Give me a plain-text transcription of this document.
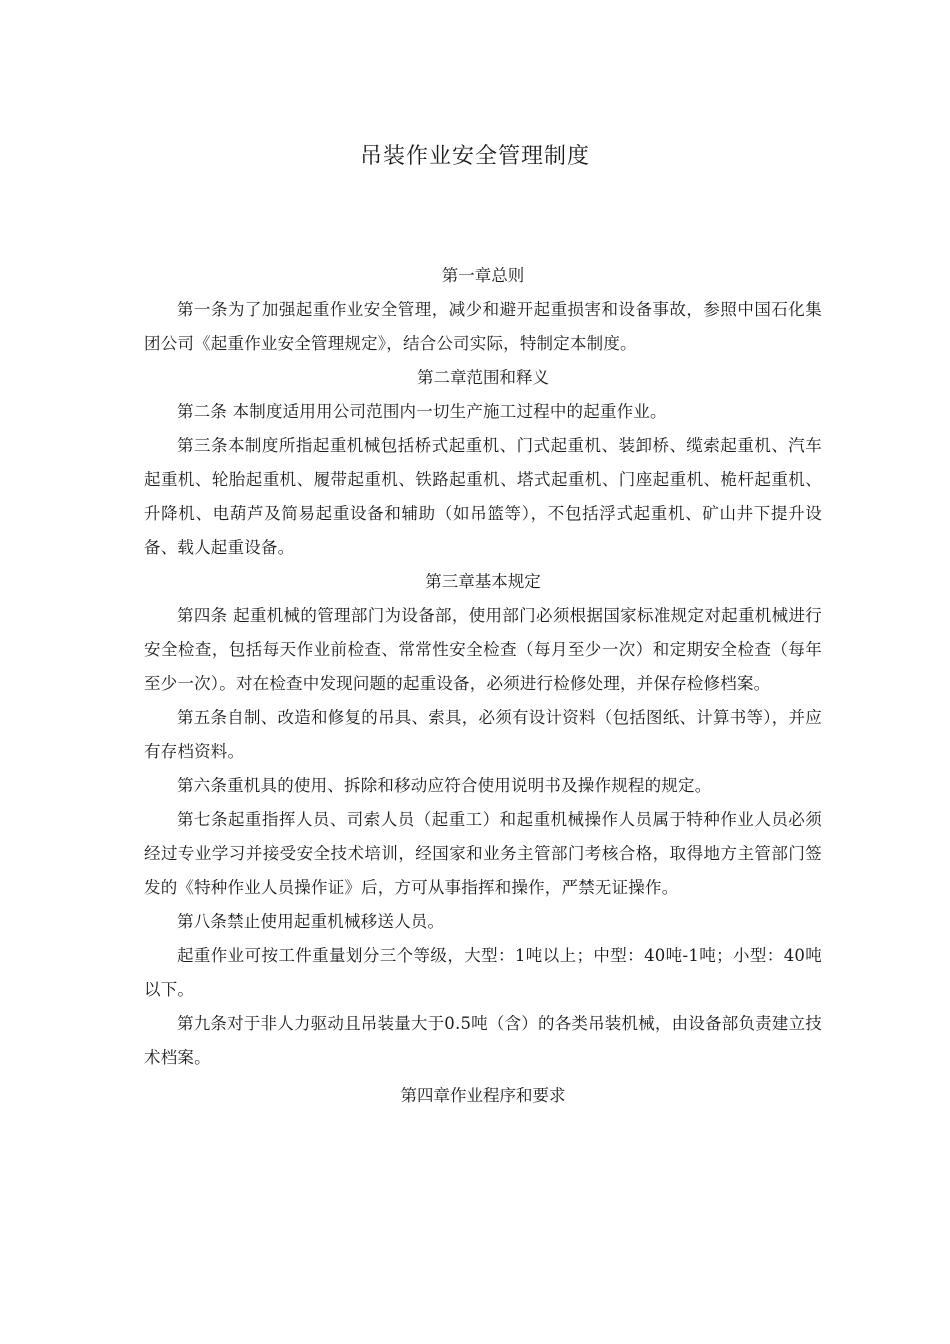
吊装作业安全管理制度

第一章总则

第一条为了加强起重作业安全管理，减少和避开起重损害和设备事故，参照中国石化集团公司《起重作业安全管理规定》，结合公司实际，特制定本制度。

第二章范围和释义

第二条 本制度适用用公司范围内一切生产施工过程中的起重作业。

第三条本制度所指起重机械包括桥式起重机、门式起重机、装卸桥、缆索起重机、汽车起重机、轮胎起重机、履带起重机、铁路起重机、塔式起重机、门座起重机、桅杆起重机、升降机、电葫芦及简易起重设备和辅助（如吊篮等），不包括浮式起重机、矿山井下提升设备、载人起重设备。

第三章基本规定

第四条 起重机械的管理部门为设备部，使用部门必须根据国家标准规定对起重机械进行安全检查，包括每天作业前检查、常常性安全检查（每月至少一次）和定期安全检查（每年至少一次）。对在检查中发现问题的起重设备，必须进行检修处理，并保存检修档案。

第五条自制、改造和修复的吊具、索具，必须有设计资料（包括图纸、计算书等），并应有存档资料。

第六条重机具的使用、拆除和移动应符合使用说明书及操作规程的规定。

第七条起重指挥人员、司索人员（起重工）和起重机械操作人员属于特种作业人员必须经过专业学习并接受安全技术培训，经国家和业务主管部门考核合格，取得地方主管部门签发的《特种作业人员操作证》后，方可从事指挥和操作，严禁无证操作。

第八条禁止使用起重机械移送人员。

起重作业可按工件重量划分三个等级，大型：1吨以上；中型：40吨-1吨；小型：40吨以下。

第九条对于非人力驱动且吊装量大于0.5吨（含）的各类吊装机械，由设备部负责建立技术档案。

第四章作业程序和要求
